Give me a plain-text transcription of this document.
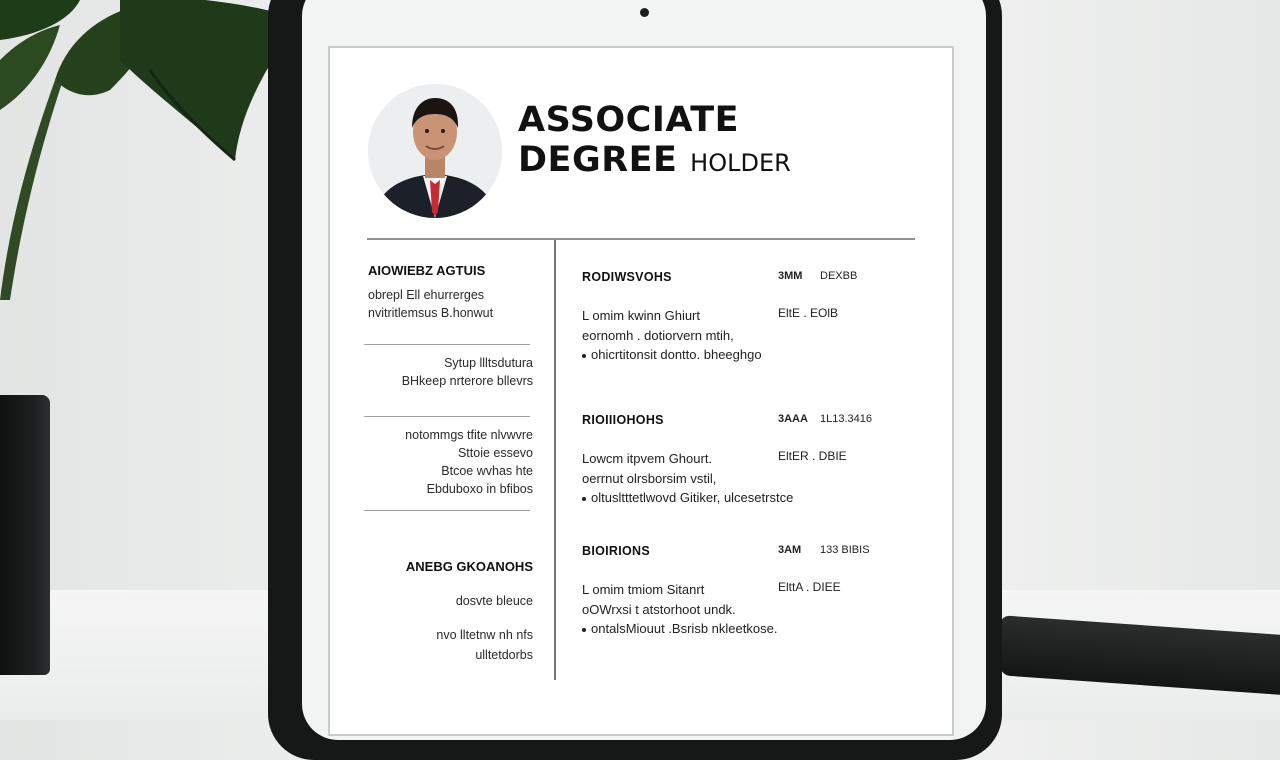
ASSOCIATE
DEGREE HOLDER
AIOWIEBZ AGTUIS
obrepl Ell ehurrerges
nvitritlemsus B.honwut
Sytup llltsdutura
BHkeep nrterore bllevrs
notommgs tfite nlvwvre
Sttoie essevo
Btcoe wvhas hte
Ebduboxo in bfibos
ANEBG GKOANOHS
dosvte bleuce
nvo lltetnw nh nfs
ulltetdorbs
RODIWSVOHS	3MM DEXBB
L omim kwinn Ghiurt	EltE . EOlB
eornomh . dotiorvern mtih,
ohicrtitonsit dontto. bheeghgo
RIOIIIOHOHS	3AAA 1L13.3416
Lowcm itpvem Ghourt.	EltER . DBIE
oerrnut olrsborsim vstil,
oltusltttetlwovd Gitiker, ulcesetrstce
BIOIRIONS	3AM 133 BIBIS
L omim tmiom Sitanrt	ElttA . DIEE
oOWrxsi t atstorhoot undk.
ontalsMiouut .Bsrisb nkleetkose.
